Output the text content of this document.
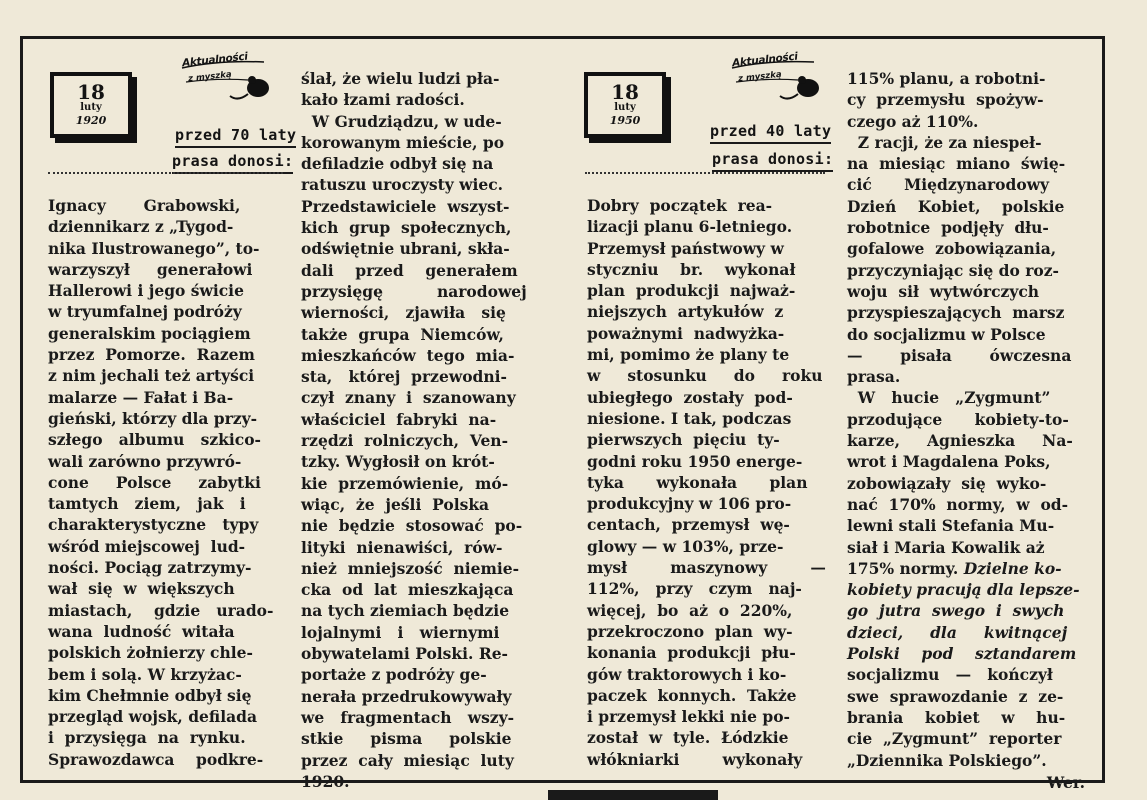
18
luty
1920
Aktualności
z myszką
przed 70 laty
prasa donosi:

Ignacy       Grabowski,

dziennikarz z „Tygod-

nika Ilustrowanego”, to-

warzyszył     generałowi

Hallerowi i jego świcie

w tryumfalnej podróży

generalskim pociągiem

przez  Pomorze.  Razem

z nim jechali też artyści

malarze — Fałat i Ba-

gieński, którzy dla przy-

szłego   albumu   szkico-

wali zarówno przywró-

cone     Polsce     zabytki

tamtych   ziem,   jak   i

charakterystyczne   typy

wśród miejscowej  lud-

ności. Pociąg zatrzymy-

wał  się  w  większych

miastach,    gdzie   urado-

wana  ludność  witała

polskich żołnierzy chle-

bem i solą. W krzyżac-

kim Chełmnie odbył się

przegląd wojsk, defilada

i  przysięga  na  rynku.

Sprawozdawca    podkre-

ślał, że wielu ludzi pła-

kało łzami radości.

W Grudziądzu, w ude-

korowanym mieście, po

defiladzie odbył się na

ratuszu uroczysty wiec.

Przedstawiciele  wszyst-

kich  grup  społecznych,

odświętnie ubrani, skła-

dali    przed    generałem

przysięgę          narodowej

wierności,   zjawiła   się

także  grupa  Niemców,

mieszkańców  tego  mia-

sta,   której  przewodni-

czył  znany  i  szanowany

właściciel  fabryki  na-

rzędzi  rolniczych,  Ven-

tzky. Wygłosił on krót-

kie  przemówienie,  mó-

wiąc,  że  jeśli  Polska

nie  będzie  stosować  po-

lityki  nienawiści,  rów-

nież  mniejszość  niemie-

cka  od  lat  mieszkająca

na tych ziemiach będzie

lojalnymi   i   wiernymi

obywatelami Polski. Re-

portaże z podróży ge-

nerała przedrukowywały

we   fragmentach   wszy-

stkie     pisma     polskie

przez  cały  miesiąc  luty

1920.

18
luty
1950
Aktualności
z myszką
przed 40 laty
prasa donosi:

Dobry  początek  rea-

lizacji planu 6-letniego.

Przemysł państwowy w

styczniu    br.    wykonał

plan  produkcji  najważ-

niejszych  artykułów  z

poważnymi  nadwyżka-

mi, pomimo że plany te

w     stosunku     do     roku

ubiegłego  zostały  pod-

niesione. I tak, podczas

pierwszych  pięciu  ty-

godni roku 1950 energe-

tyka      wykonała      plan

produkcyjny w 106 pro-

centach,  przemysł  wę-

glowy — w 103%, prze-

mysł        maszynowy        —

112%,   przy   czym   naj-

więcej,  bo  aż  o  220%,

przekroczono  plan  wy-

konania  produkcji  płu-

gów traktorowych i ko-

paczek  konnych.  Także

i przemysł lekki nie po-

został  w  tyle.  Łódzkie

włókniarki        wykonały

115% planu, a robotni-

cy  przemysłu  spożyw-

czego aż 110%.

Z racji, że za niespeł-

na  miesiąc  miano  świę-

cić      Międzynarodowy

Dzień    Kobiet,    polskie

robotnice  podjęły  dłu-

gofalowe  zobowiązania,

przyczyniając się do roz-

woju  sił  wytwórczych

przyspieszających  marsz

do socjalizmu w Polsce

—       pisała       ówczesna

prasa.

W   hucie   „Zygmunt”

przodujące      kobiety-to-

karze,     Agnieszka     Na-

wrot i Magdalena Poks,

zobowiązały  się  wyko-

nać  170%  normy,  w  od-

lewni stali Stefania Mu-

siał i Maria Kowalik aż

175% normy. Dzielne ko-

kobiety pracują dla lepsze-

go  jutra  swego  i  swych

dzieci,     dla     kwitnącej

Polski    pod    sztandarem

socjalizmu   —   kończył

swe  sprawozdanie  z  ze-

brania    kobiet    w    hu-

cie  „Zygmunt”  reporter

„Dziennika Polskiego”.

Wer.
